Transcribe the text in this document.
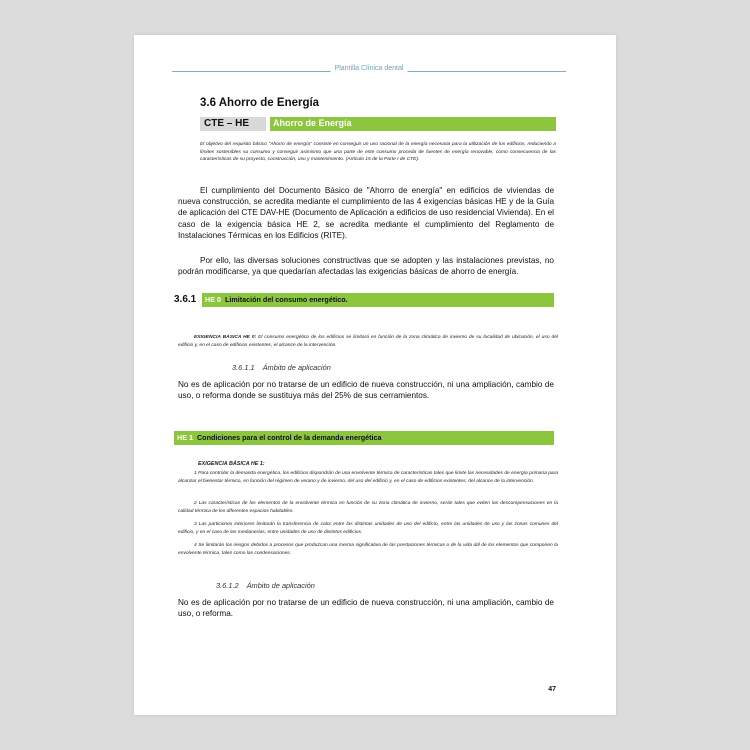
Plantilla Clínica dental
3.6 Ahorro de Energía
CTE – HE	Ahorro de Energía
El objetivo del requisito básico "Ahorro de energía" consiste en conseguir un uso racional de la energía necesaria para la utilización de los edificios, reduciendo a límites sostenibles su consumo y conseguir asimismo que una parte de este consumo proceda de fuentes de energía renovable, como consecuencia de las características de su proyecto, construcción, uso y mantenimiento. (Artículo 15 de la Parte I de CTE).
El cumplimiento del Documento Básico de "Ahorro de energía" en edificios de viviendas de nueva construcción, se acredita mediante el cumplimiento de las 4 exigencias básicas HE y de la Guía de aplicación del CTE DAV-HE (Documento de Aplicación a edificios de uso residencial Vivienda). En el caso de la exigencia básica HE 2, se acredita mediante el cumplimiento del Reglamento de Instalaciones Térmicas en los Edificios (RITE).
Por ello, las diversas soluciones constructivas que se adopten y las instalaciones previstas, no podrán modificarse, ya que quedarían afectadas las exigencias básicas de ahorro de energía.
3.6.1	HE 0 Limitación del consumo energético.
EXIGENCIA BÁSICA HE 0: El consumo energético de los edificios se limitará en función de la zona climática de invierno de su localidad de ubicación, el uso del edificio y, en el caso de edificios existentes, el alcance de la intervención.
3.6.1.1 Ámbito de aplicación
No es de aplicación por no tratarse de un edificio de nueva construcción, ni una ampliación, cambio de uso, o reforma donde se sustituya más del 25% de sus cerramientos.
HE 1 Condiciones para el control de la demanda energética
EXIGENCIA BÁSICA HE 1:
1 Para controlar la demanda energética, los edificios dispondrán de una envolvente térmica de características tales que limite las necesidades de energía primaria para alcanzar el bienestar térmico, en función del régimen de verano y de invierno, del uso del edificio y, en el caso de edificios existentes, del alcance de la intervención.
2 Las características de los elementos de la envolvente térmica en función de su zona climática de invierno, serán tales que eviten las descompensaciones en la calidad térmica de los diferentes espacios habitables.
3 Las particiones interiores limitarán la transferencia de calor entre las distintas unidades de uso del edificio, entre las unidades de uso y las zonas comunes del edificio, y en el caso de las medianerías, entre unidades de uso de distintos edificios.
4 Se limitarán los riesgos debidos a procesos que produzcan una merma significativa de las prestaciones térmicas o de la vida útil de los elementos que componen la envolvente térmica, tales como las condensaciones.
3.6.1.2 Ámbito de aplicación
No es de aplicación por no tratarse de un edificio de nueva construcción, ni una ampliación, cambio de uso, o reforma.
47
